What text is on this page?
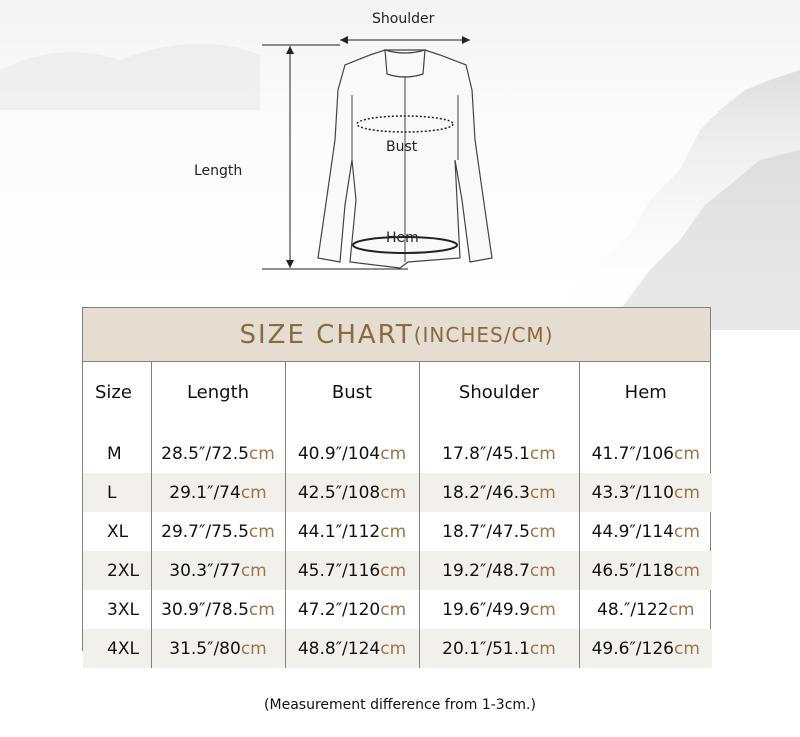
Shoulder
Length
Bust
Hem
SIZE CHART (INCHES/CM)
Size	Length	Bust	Shoulder	Hem

M	28.5″/72.5cm	40.9″/104cm	17.8″/45.1cm	41.7″/106cm
L	29.1″/74cm	42.5″/108cm	18.2″/46.3cm	43.3″/110cm
XL	29.7″/75.5cm	44.1″/112cm	18.7″/47.5cm	44.9″/114cm
2XL	30.3″/77cm	45.7″/116cm	19.2″/48.7cm	46.5″/118cm
3XL	30.9″/78.5cm	47.2″/120cm	19.6″/49.9cm	48.″/122cm
4XL	31.5″/80cm	48.8″/124cm	20.1″/51.1cm	49.6″/126cm
(Measurement difference from 1-3cm.)
